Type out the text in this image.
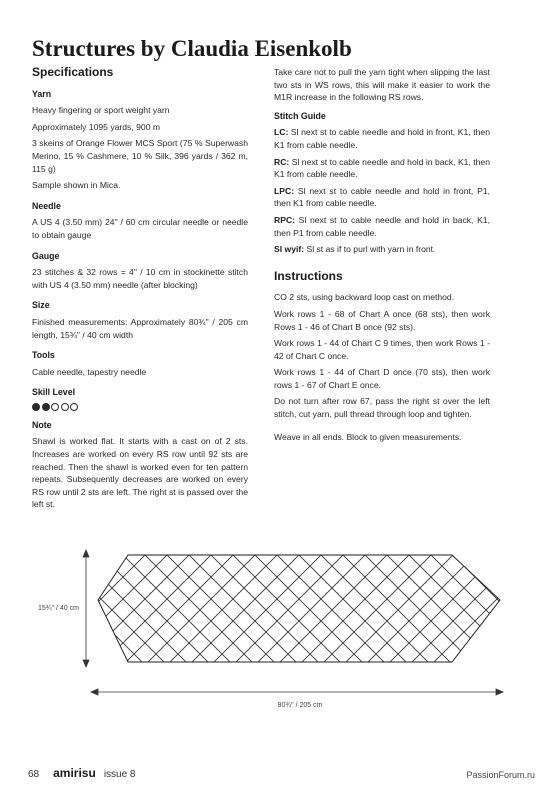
Structures by Claudia Eisenkolb
Specifications
Yarn

Heavy fingering or sport weight yarn

Approximately 1095 yards, 900 m

3 skeins of Orange Flower MCS Sport (75 % Superwash Merino, 15 % Cashmere, 10 % Silk, 396 yards / 362 m, 115 g)

Sample shown in Mica.

Needle

A US 4 (3.50 mm) 24" / 60 cm circular needle or needle to obtain gauge

Gauge

23 stitches & 32 rows = 4" / 10 cm in stockinette stitch with US 4 (3.50 mm) needle (after blocking)

Size

Finished measurements: Approximately 80¾" / 205 cm length, 15¾" / 40 cm width

Tools

Cable needle, tapestry needle

Skill Level
Note

Shawl is worked flat. It starts with a cast on of 2 sts. Increases are worked on every RS row until 92 sts are reached. Then the shawl is worked even for ten pattern repeats. Subsequently decreases are worked on every RS row until 2 sts are left. The right st is passed over the left st.

Take care not to pull the yarn tight when slipping the last two sts in WS rows, this will make it easier to work the M1R increase in the following RS rows.

Stitch Guide

LC: Sl next st to cable needle and hold in front, K1, then K1 from cable needle.

RC: Sl next st to cable needle and hold in back, K1, then K1 from cable needle.

LPC: Sl next st to cable needle and hold in front, P1, then K1 from cable needle.

RPC: Sl next st to cable needle and hold in back, K1, then P1 from cable needle.

Sl wyif: Sl st as if to purl with yarn in front.

Instructions

CO 2 sts, using backward loop cast on method.

Work rows 1 - 68 of Chart A once (68 sts), then work Rows 1 - 46 of Chart B once (92 sts).

Work rows 1 - 44 of Chart C 9 times, then work Rows 1 - 42 of Chart C once.

Work rows 1 - 44 of Chart D once (70 sts), then work rows 1 - 67 of Chart E once.

Do not turn after row 67, pass the right st over the left stitch, cut yarn, pull thread through loop and tighten.

Weave in all ends. Block to given measurements.

15¾" / 40 cm
80¾" / 205 cm
68 amirisu issue 8	PassionForum.ru
